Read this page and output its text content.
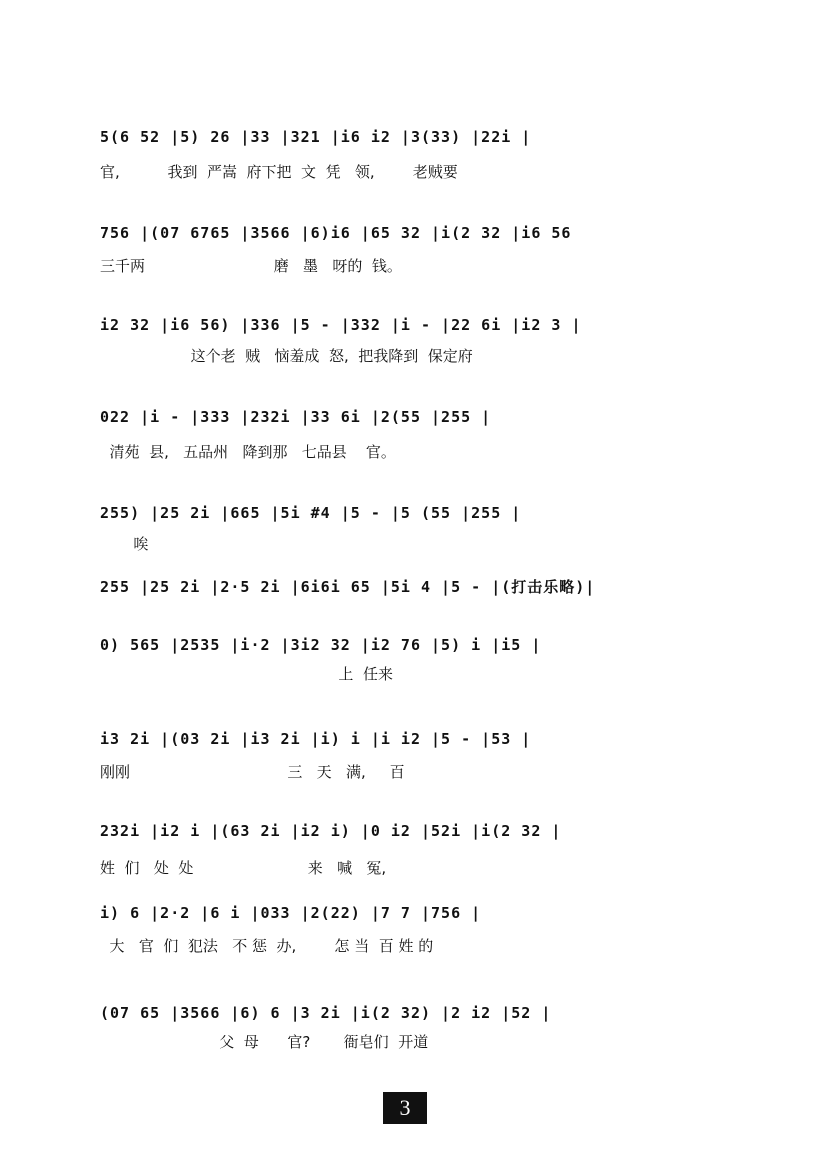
5(6 52 |5) 26 |33 |321 |i6 i2 |3(33) |22i |
官,          我到  严嵩  府下把  文  凭   领,        老贼要
756 |(07 6765 |3566 |6)i6 |65 32 |i(2 32 |i6 56
三千两                           磨   墨   呀的  钱。
i2 32 |i6 56) |336 |5 - |332 |i - |22 6i |i2 3 |
这个老  贼   恼羞成  怒,  把我降到  保定府
022 |i - |333 |232i |33 6i |2(55 |255 |
清苑  县,   五品州   降到那   七品县    官。
255) |25 2i |665 |5i #4 |5 - |5 (55 |255 |
唉
255 |25 2i |2·5 2i |6i6i 65 |5i 4 |5 - |(打击乐略)|
0) 565 |2535 |i·2 |3i2 32 |i2 76 |5) i |i5 |
上  任来
i3 2i |(03 2i |i3 2i |i) i |i i2 |5 - |53 |
刚刚                                 三   天   满,     百
232i |i2 i |(63 2i |i2 i) |0 i2 |52i |i(2 32 |
姓  们   处  处                        来   喊   冤,
i) 6 |2·2 |6 i |033 |2(22) |7 7 |756 |
大   官  们  犯法   不 惩  办,        怎 当  百 姓 的
(07 65 |3566 |6) 6 |3 2i |i(2 32) |2 i2 |52 |
父  母      官?       衙皂们  开道
3
